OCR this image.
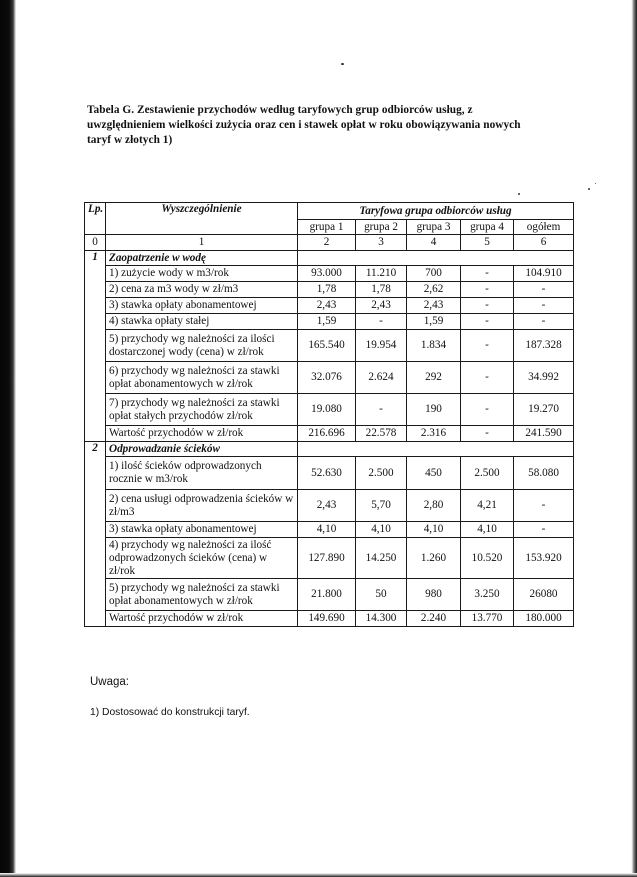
Tabela G. Zestawienie przychodów według taryfowych grup odbiorców usług, z uwzględnieniem wielkości zużycia oraz cen i stawek opłat w roku obowiązywania nowych taryf w złotych 1)
Lp.	Wyszczególnienie	Taryfowa grupa odbiorców usług				
		grupa 1	grupa 2	grupa 3	grupa 4	ogółem
0	1	2	3	4	5	6
1	Zaopatrzenie w wodę					
	1) zużycie wody w m3/rok	93.000	11.210	700	-	104.910
	2) cena za m3 wody w zł/m3	1,78	1,78	2,62	-	-
	3) stawka opłaty abonamentowej	2,43	2,43	2,43	-	-
	4) stawka opłaty stałej	1,59	-	1,59	-	-
	5) przychody wg należności za ilości dostarczonej wody (cena) w zł/rok	165.540	19.954	1.834	-	187.328
	6) przychody wg należności za stawki opłat abonamentowych w zł/rok	32.076	2.624	292	-	34.992
	7) przychody wg należności za stawki opłat stałych przychodów zł/rok	19.080	-	190	-	19.270
	Wartość przychodów w zł/rok	216.696	22.578	2.316	-	241.590
2	Odprowadzanie ścieków					
	1) ilość ścieków odprowadzonych rocznie w m3/rok	52.630	2.500	450	2.500	58.080
	2) cena usługi odprowadzenia ścieków w zł/m3	2,43	5,70	2,80	4,21	-
	3) stawka opłaty abonamentowej	4,10	4,10	4,10	4,10	-
	4) przychody wg należności za ilość odprowadzonych ścieków (cena) w zł/rok	127.890	14.250	1.260	10.520	153.920
	5) przychody wg należności za stawki opłat abonamentowych w zł/rok	21.800	50	980	3.250	26080
	Wartość przychodów w zł/rok	149.690	14.300	2.240	13.770	180.000
Uwaga:
1) Dostosować do konstrukcji taryf.
